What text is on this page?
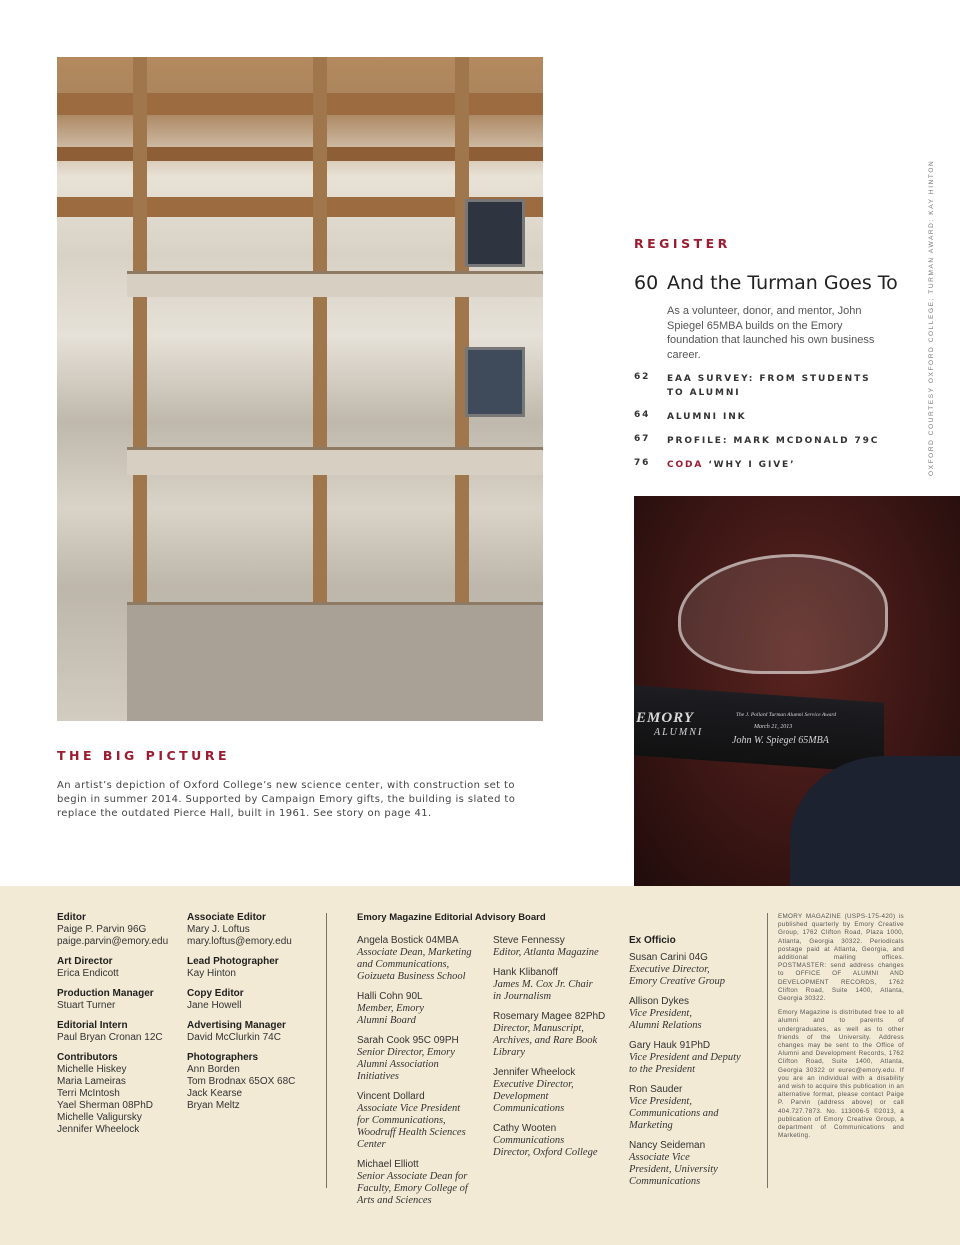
REGISTER
60 And the Turman Goes To
As a volunteer, donor, and mentor, John Spiegel 65MBA builds on the Emory foundation that launched his own business career.
62 EAA SURVEY: FROM STUDENTS TO ALUMNI
64 ALUMNI INK
67 PROFILE: MARK MCDONALD 79C
76 CODA ‘WHY I GIVE’	OXFORD COURTESY OXFORD COLLEGE; TURMAN AWARD: KAY HINTON
EMORY
ALUMNI
The J. Pollard Turman Alumni Service Award
March 21, 2013
John W. Spiegel 65MBA
THE BIG PICTURE
An artist’s depiction of Oxford College’s new science center, with construction set to begin in summer 2014. Supported by Campaign Emory gifts, the building is slated to replace the outdated Pierce Hall, built in 1961. See story on page 41.
Editor
Paige P. Parvin 96G
paige.parvin@emory.edu
Art Director
Erica Endicott
Production Manager
Stuart Turner
Editorial Intern
Paul Bryan Cronan 12C
Contributors
Michelle Hiskey
Maria Lameiras
Terri McIntosh
Yael Sherman 08PhD
Michelle Valigursky
Jennifer Wheelock
Associate Editor
Mary J. Loftus
mary.loftus@emory.edu
Lead Photographer
Kay Hinton
Copy Editor
Jane Howell
Advertising Manager
David McClurkin 74C
Photographers
Ann Borden
Tom Brodnax 65OX 68C
Jack Kearse
Bryan Meltz
Emory Magazine Editorial Advisory Board
Angela Bostick 04MBA
Associate Dean, Marketing
and Communications,
Goizueta Business School
Halli Cohn 90L
Member, Emory
Alumni Board
Sarah Cook 95C 09PH
Senior Director, Emory
Alumni Association
Initiatives
Vincent Dollard
Associate Vice President
for Communications,
Woodruff Health Sciences
Center
Michael Elliott
Senior Associate Dean for
Faculty, Emory College of
Arts and Sciences
Steve Fennessy
Editor, Atlanta Magazine
Hank Klibanoff
James M. Cox Jr. Chair
in Journalism
Rosemary Magee 82PhD
Director, Manuscript,
Archives, and Rare Book
Library
Jennifer Wheelock
Executive Director,
Development
Communications
Cathy Wooten
Communications
Director, Oxford College
Ex Officio
Susan Carini 04G
Executive Director,
Emory Creative Group
Allison Dykes
Vice President,
Alumni Relations
Gary Hauk 91PhD
Vice President and Deputy
to the President
Ron Sauder
Vice President,
Communications and
Marketing
Nancy Seideman
Associate Vice
President, University
Communications

EMORY MAGAZINE (USPS-175-420) is published quarterly by Emory Creative Group, 1762 Clifton Road, Plaza 1000, Atlanta, Georgia 30322. Periodicals postage paid at Atlanta, Georgia, and additional mailing offices. POSTMASTER: send address changes to OFFICE OF ALUMNI AND DEVELOPMENT RECORDS, 1762 Clifton Road, Suite 1400, Atlanta, Georgia 30322.

Emory Magazine is distributed free to all alumni and to parents of undergraduates, as well as to other friends of the University. Address changes may be sent to the Office of Alumni and Development Records, 1762 Clifton Road, Suite 1400, Atlanta, Georgia 30322 or eurec@emory.edu. If you are an individual with a disability and wish to acquire this publication in an alternative format, please contact Paige P. Parvin (address above) or call 404.727.7873. No. 113006-5 ©2013, a publication of Emory Creative Group, a department of Communications and Marketing.
